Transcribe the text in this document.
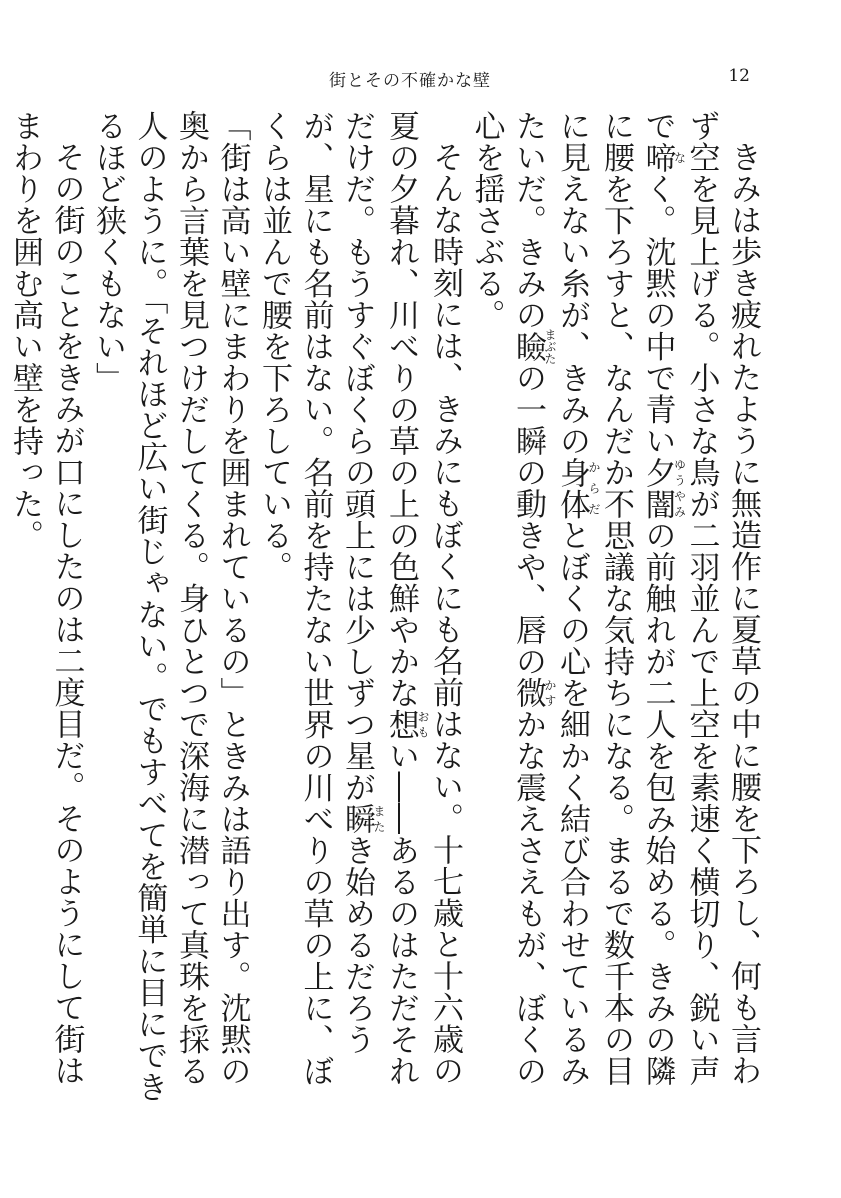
街とその不確かな壁	12

きみは歩き疲れたように無造作に夏草の中に腰を下ろし、何も言わず空を見上げる。小さな鳥が二羽並んで上空を素速く横切り、鋭い声で啼なく。沈黙の中で青い夕闇ゆうやみの前触れが二人を包み始める。きみの隣に腰を下ろすと、なんだか不思議な気持ちになる。まるで数千本の目に見えない糸が、きみの身体からだとぼくの心を細かく結び合わせているみたいだ。きみの瞼まぶたの一瞬の動きや、唇の微かすかな震えさえもが、ぼくの心を揺さぶる。

そんな時刻には、きみにもぼくにも名前はない。十七歳と十六歳の夏の夕暮れ、川べりの草の上の色鮮やかな想おもい――あるのはただそれだけだ。もうすぐぼくらの頭上には少しずつ星が瞬またき始めるだろうが、星にも名前はない。名前を持たない世界の川べりの草の上に、ぼくらは並んで腰を下ろしている。

「街は高い壁にまわりを囲まれているの」ときみは語り出す。沈黙の奥から言葉を見つけだしてくる。身ひとつで深海に潜って真珠を採る人のように。「それほど広い街じゃない。でもすべてを簡単に目にできるほど狭くもない」

その街のことをきみが口にしたのは二度目だ。そのようにして街はまわりを囲む高い壁を持った。
